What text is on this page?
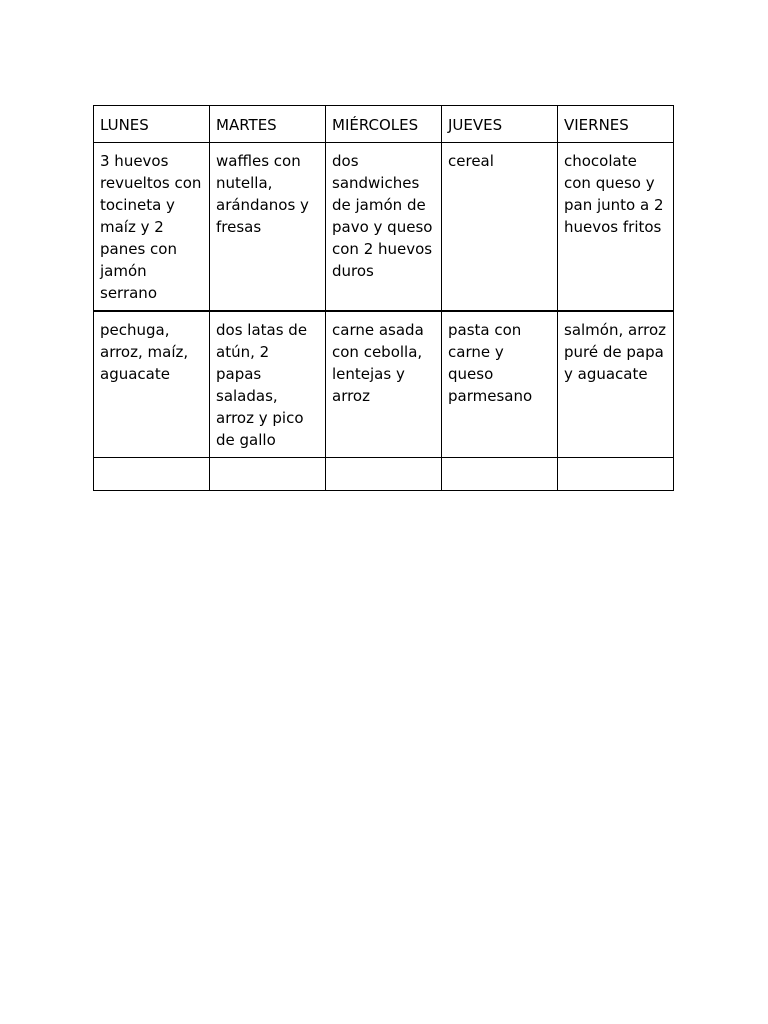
LUNES	MARTES	MIÉRCOLES	JUEVES	VIERNES

3 huevos revueltos con tocineta y maíz y 2 panes con jamón serrano	waffles con nutella, arándanos y fresas	dos sandwiches de jamón de pavo y queso con 2 huevos duros	cereal	chocolate con queso y pan junto a 2 huevos fritos

pechuga, arroz, maíz, aguacate	dos latas de atún, 2 papas saladas, arroz y pico de gallo	carne asada con cebolla, lentejas y arroz	pasta con carne y queso parmesano	salmón, arroz puré de papa y aguacate
